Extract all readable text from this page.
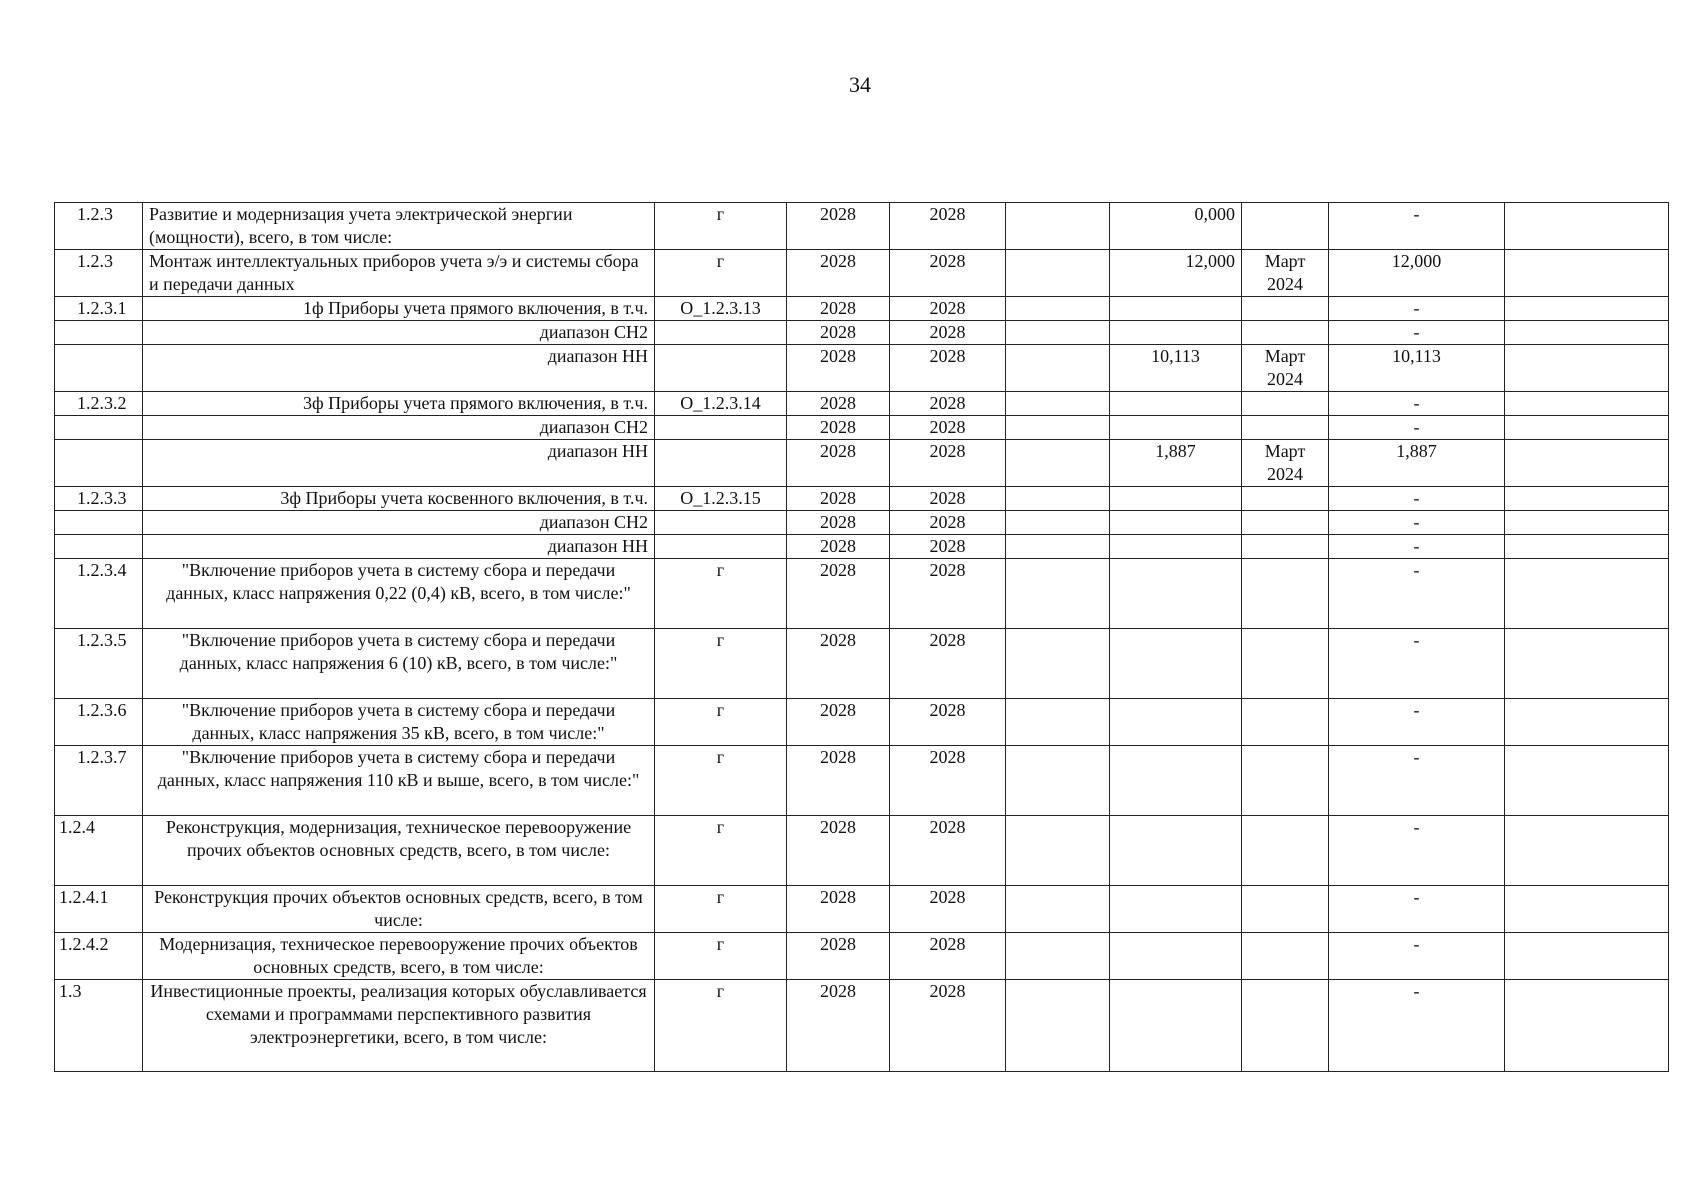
34
1.2.3	Развитие и модернизация учета электрической энергии (мощности), всего, в том числе:	г	2028	2028		0,000		-	
1.2.3	Монтаж интеллектуальных приборов учета э/э и системы сбора и передачи данных	г	2028	2028		12,000	Март 2024	12,000	
1.2.3.1	1ф Приборы учета прямого включения, в т.ч.	О_1.2.3.13	2028	2028				-	
	диапазон СН2		2028	2028				-	
	диапазон НН		2028	2028		10,113	Март 2024	10,113	
1.2.3.2	3ф Приборы учета прямого включения, в т.ч.	О_1.2.3.14	2028	2028				-	
	диапазон СН2		2028	2028				-	
	диапазон НН		2028	2028		1,887	Март 2024	1,887	
1.2.3.3	3ф Приборы учета косвенного включения, в т.ч.	О_1.2.3.15	2028	2028				-	
	диапазон СН2		2028	2028				-	
	диапазон НН		2028	2028				-	
1.2.3.4	"Включение приборов учета в систему сбора и передачи данных, класс напряжения 0,22 (0,4) кВ, всего, в том числе:"	г	2028	2028				-	
1.2.3.5	"Включение приборов учета в систему сбора и передачи данных, класс напряжения 6 (10) кВ, всего, в том числе:"	г	2028	2028				-	
1.2.3.6	"Включение приборов учета в систему сбора и передачи данных, класс напряжения 35 кВ, всего, в том числе:"	г	2028	2028				-	
1.2.3.7	"Включение приборов учета в систему сбора и передачи данных, класс напряжения 110 кВ и выше, всего, в том числе:"	г	2028	2028				-	
1.2.4	Реконструкция, модернизация, техническое перевооружение прочих объектов основных средств, всего, в том числе:	г	2028	2028				-	
1.2.4.1	Реконструкция прочих объектов основных средств, всего, в том числе:	г	2028	2028				-	
1.2.4.2	Модернизация, техническое перевооружение прочих объектов основных средств, всего, в том числе:	г	2028	2028				-	
1.3	Инвестиционные проекты, реализация которых обуславливается схемами и программами перспективного развития электроэнергетики, всего, в том числе:	г	2028	2028				-	
